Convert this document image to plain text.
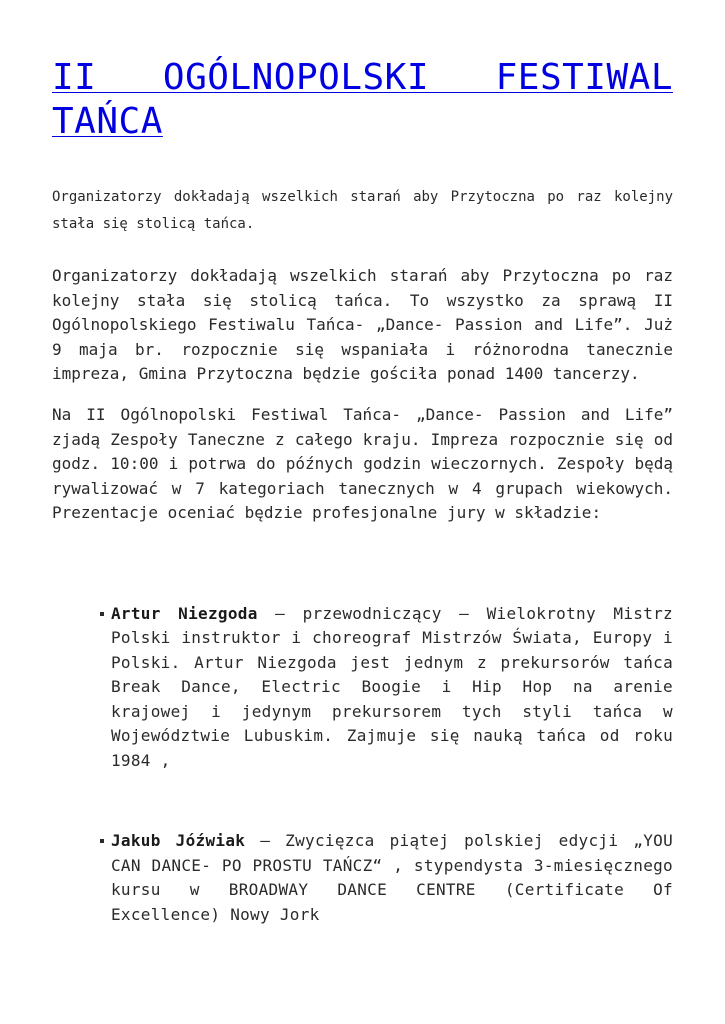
II OGÓLNOPOLSKI FESTIWAL TAŃCA

Organizatorzy dokładają wszelkich starań aby Przytoczna po raz kolejny stała się stolicą tańca.

Organizatorzy dokładają wszelkich starań aby Przytoczna po raz kolejny stała się stolicą tańca. To wszystko za sprawą II Ogólnopolskiego Festiwalu Tańca- „Dance- Passion and Life”. Już 9 maja br. rozpocznie się wspaniała i różnorodna tanecznie impreza, Gmina Przytoczna będzie gościła ponad 1400 tancerzy.

Na II Ogólnopolski Festiwal Tańca- „Dance- Passion and Life” zjadą Zespoły Taneczne z całego kraju. Impreza rozpocznie się od godz. 10:00 i potrwa do późnych godzin wieczornych. Zespoły będą rywalizować w 7 kategoriach tanecznych w 4 grupach wiekowych. Prezentacje oceniać będzie profesjonalne jury w składzie:

Artur Niezgoda – przewodniczący – Wielokrotny Mistrz Polski instruktor i choreograf Mistrzów Świata, Europy i Polski. Artur Niezgoda jest jednym z prekursorów tańca Break Dance, Electric Boogie i Hip Hop na arenie krajowej i jedynym prekursorem tych styli tańca w Województwie Lubuskim. Zajmuje się nauką tańca od roku 1984 ,
Jakub Jóźwiak – Zwycięzca piątej polskiej edycji „YOU CAN DANCE- PO PROSTU TAŃCZ“ , stypendysta 3-miesięcznego kursu w BROADWAY DANCE CENTRE (Certificate Of Excellence) Nowy Jork
